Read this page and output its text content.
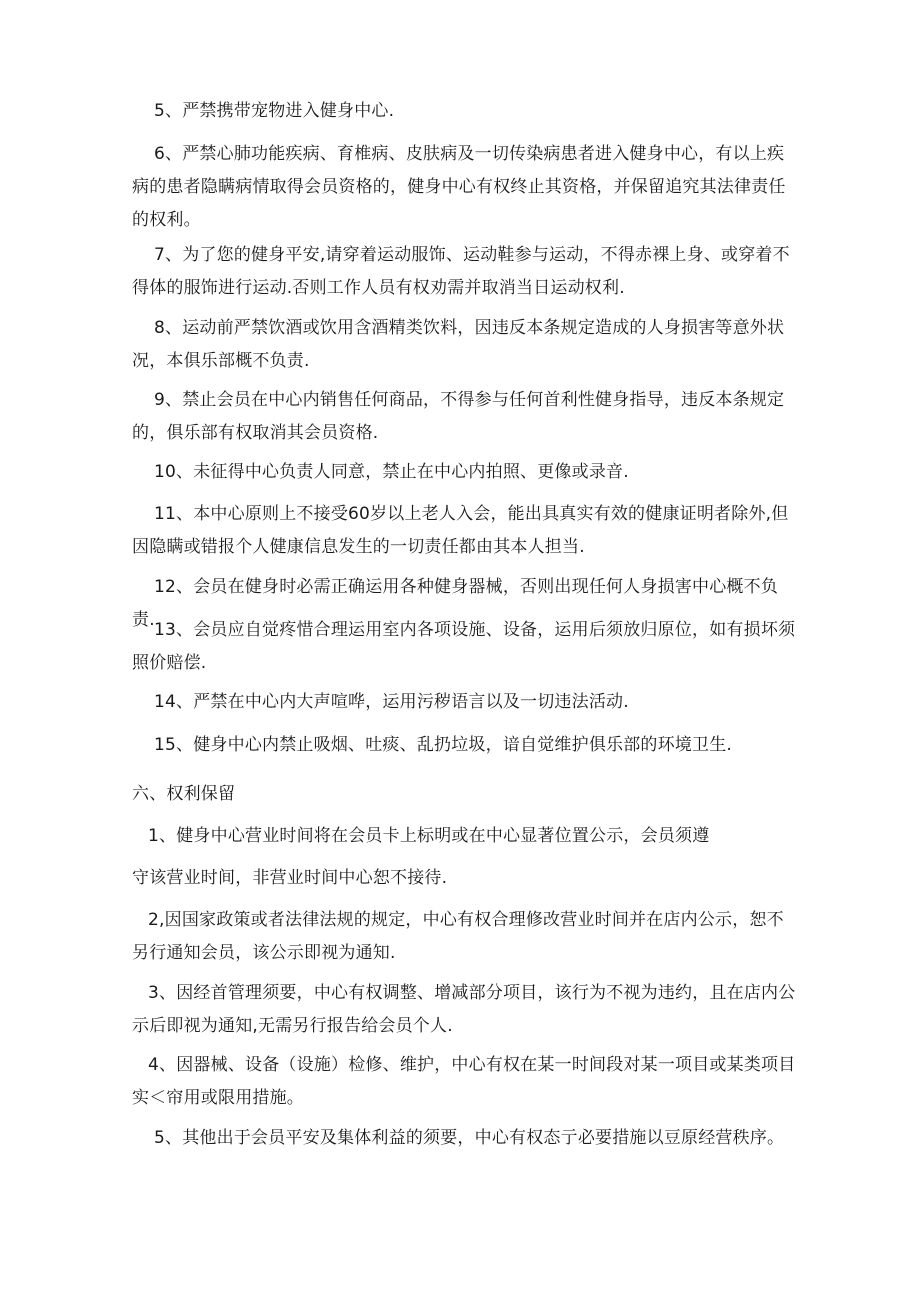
5、严禁携带宠物进入健身中心.

6、严禁心肺功能疾病、育椎病、皮肤病及一切传染病患者进入健身中心，有以上疾病的患者隐瞒病情取得会员资格的，健身中心有权终止其资格，并保留追究其法律责任的权利。

7、为了您的健身平安,请穿着运动服饰、运动鞋参与运动，不得赤裸上身、或穿着不得体的服饰进行运动.否则工作人员有权劝需并取消当日运动权利.

8、运动前严禁饮酒或饮用含酒精类饮料，因违反本条规定造成的人身损害等意外状况，本俱乐部概不负责.

9、禁止会员在中心内销售任何商品，不得参与任何首利性健身指导，违反本条规定的，俱乐部有权取消其会员资格.

10、未征得中心负责人同意，禁止在中心内拍照、更像或录音.

11、本中心原则上不接受60岁以上老人入会，能出具真实有效的健康证明者除外,但因隐瞒或错报个人健康信息发生的一切责任都由其本人担当.

12、会员在健身时必需正确运用各种健身器械，否则出现任何人身损害中心概不负责. 13、会员应自觉疼惜合理运用室内各项设施、设备，运用后须放归原位，如有损坏须照价赔偿.

14、严禁在中心内大声喧哗，运用污秽语言以及一切违法活动.

15、健身中心内禁止吸烟、吐痰、乱扔垃圾，谙自觉维护俱乐部的环境卫生.

六、权利保留

1、健身中心营业时间将在会员卡上标明或在中心显著位置公示，会员须遵

守该营业时间，非营业时间中心恕不接待.

2,因国家政策或者法律法规的规定，中心有权合理修改营业时间并在店内公示，恕不另行通知会员，该公示即视为通知.

3、因经首管理须要，中心有权调整、增减部分项目，该行为不视为违约，且在店内公示后即视为通知,无需另行报告给会员个人.

4、因器械、设备（设施）检修、维护，中心有权在某一时间段对某一项目或某类项目实＜帘用或限用措施。

5、其他出于会员平安及集体利益的须要，中心有权态亍必要措施以豆原经营秩序。
